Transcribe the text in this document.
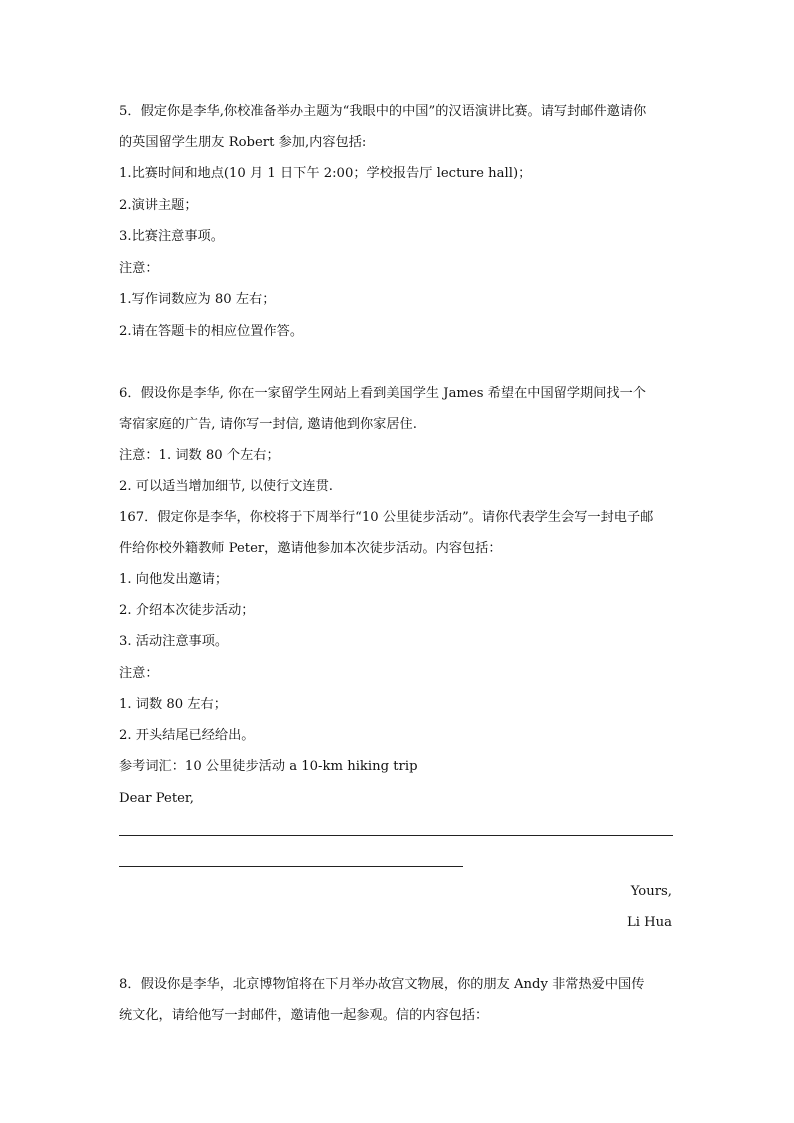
5．假定你是李华,你校准备举办主题为“我眼中的中国”的汉语演讲比赛。请写封邮件邀请你
的英国留学生朋友 Robert 参加,内容包括:
1.比赛时间和地点(10 月 1 日下午 2:00；学校报告厅 lecture hall)；
2.演讲主题；
3.比赛注意事项。
注意：
1.写作词数应为 80 左右；
2.请在答题卡的相应位置作答。
6．假设你是李华, 你在一家留学生网站上看到美国学生 James 希望在中国留学期间找一个
寄宿家庭的广告, 请你写一封信, 邀请他到你家居住.
注意：1. 词数 80 个左右；
2. 可以适当增加细节, 以使行文连贯.
167．假定你是李华，你校将于下周举行“10 公里徒步活动”。请你代表学生会写一封电子邮
件给你校外籍教师 Peter，邀请他参加本次徒步活动。内容包括：
1. 向他发出邀请；
2. 介绍本次徒步活动；
3. 活动注意事项。
注意：
1. 词数 80 左右；
2. 开头结尾已经给出。
参考词汇：10 公里徒步活动 a 10-km hiking trip
Dear Peter,
Yours,
Li Hua
8．假设你是李华，北京博物馆将在下月举办故宫文物展，你的朋友 Andy 非常热爱中国传
统文化，请给他写一封邮件，邀请他一起参观。信的内容包括：
